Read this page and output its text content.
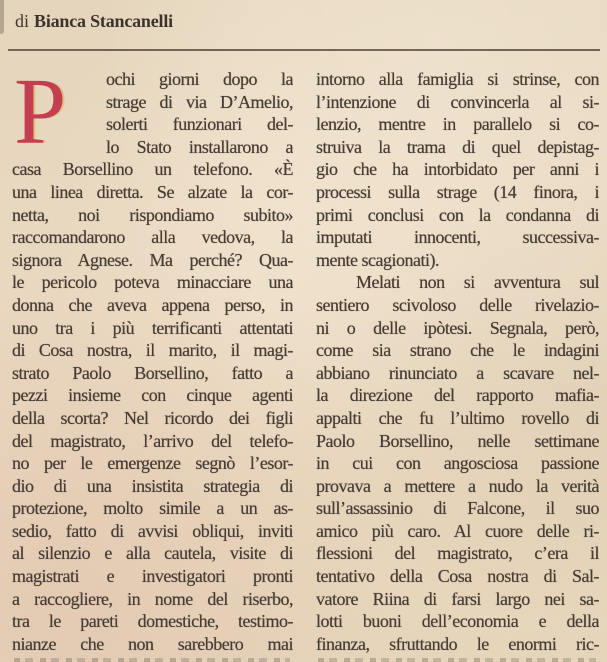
di Bianca Stancanelli
P ochi giorni dopo la
strage di via D’Amelio,
solerti funzionari del-
lo Stato installarono a
casa Borsellino un telefono. «È
una linea diretta. Se alzate la cor-
netta, noi rispondiamo subito»
raccomandarono alla vedova, la
signora Agnese. Ma perché? Qua-
le pericolo poteva minacciare una
donna che aveva appena perso, in
uno tra i più terrificanti attentati
di Cosa nostra, il marito, il magi-
strato Paolo Borsellino, fatto a
pezzi insieme con cinque agenti
della scorta? Nel ricordo dei figli
del magistrato, l’arrivo del telefo-
no per le emergenze segnò l’esor-
dio di una insistita strategia di
protezione, molto simile a un as-
sedio, fatto di avvisi obliqui, inviti
al silenzio e alla cautela, visite di
magistrati e investigatori pronti
a raccogliere, in nome del riserbo,
tra le pareti domestiche, testimo-
nianze che non sarebbero mai
intorno alla famiglia si strinse, con
l’intenzione di convincerla al si-
lenzio, mentre in parallelo si co-
struiva la trama di quel depistag-
gio che ha intorbidato per anni i
processi sulla strage (14 finora, i
primi conclusi con la condanna di
imputati innocenti, successiva-
mente scagionati).
Melati non si avventura sul
sentiero scivoloso delle rivelazio-
ni o delle ipòtesi. Segnala, però,
come sia strano che le indagini
abbiano rinunciato a scavare nel-
la direzione del rapporto mafia-
appalti che fu l’ultimo rovello di
Paolo Borsellino, nelle settimane
in cui con angosciosa passione
provava a mettere a nudo la verità
sull’assassinio di Falcone, il suo
amico più caro. Al cuore delle ri-
flessioni del magistrato, c’era il
tentativo della Cosa nostra di Sal-
vatore Riina di farsi largo nei sa-
lotti buoni dell’economia e della
finanza, sfruttando le enormi ric-
